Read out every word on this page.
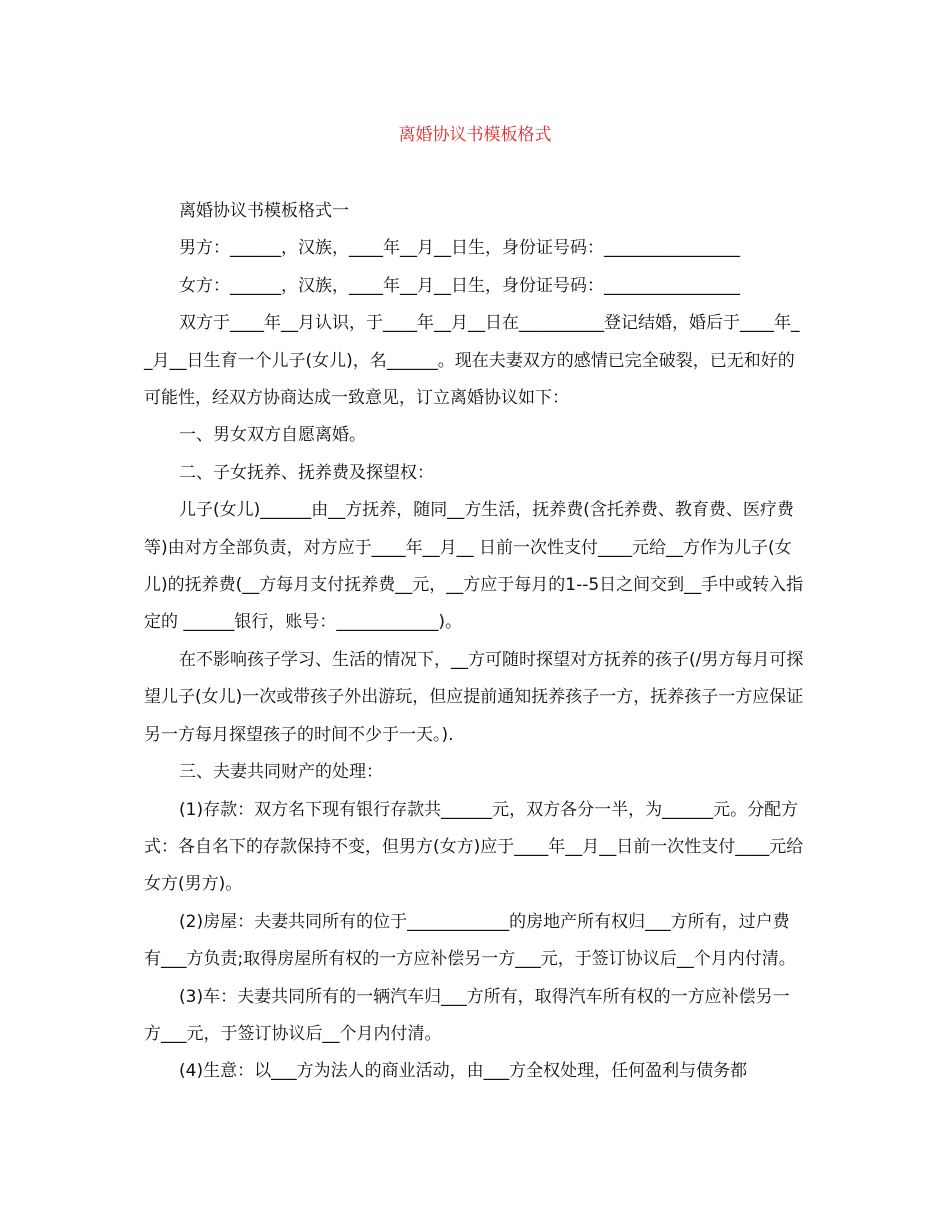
离婚协议书模板格式

离婚协议书模板格式一

男方：______，汉族，____年__月__日生，身份证号码：________________

女方：______，汉族，____年__月__日生，身份证号码：________________

双方于____年__月认识，于____年__月__日在__________登记结婚，婚后于____年__月__日生育一个儿子(女儿)，名______。现在夫妻双方的感情已完全破裂，已无和好的可能性，经双方协商达成一致意见，订立离婚协议如下：

一、男女双方自愿离婚。

二、子女抚养、抚养费及探望权：

儿子(女儿)______由__方抚养，随同__方生活，抚养费(含托养费、教育费、医疗费等)由对方全部负责，对方应于____年__月__ 日前一次性支付____元给__方作为儿子(女儿)的抚养费(__方每月支付抚养费__元，__方应于每月的1--5日之间交到__手中或转入指定的 ______银行，账号：____________)。

在不影响孩子学习、生活的情况下，__方可随时探望对方抚养的孩子(/男方每月可探望儿子(女儿)一次或带孩子外出游玩，但应提前通知抚养孩子一方，抚养孩子一方应保证另一方每月探望孩子的时间不少于一天。).

三、夫妻共同财产的处理：

(1)存款：双方名下现有银行存款共______元，双方各分一半，为______元。分配方式：各自名下的存款保持不变，但男方(女方)应于____年__月__日前一次性支付____元给女方(男方)。

(2)房屋：夫妻共同所有的位于____________的房地产所有权归___方所有，过户费有___方负责;取得房屋所有权的一方应补偿另一方___元，于签订协议后__个月内付清。

(3)车：夫妻共同所有的一辆汽车归___方所有，取得汽车所有权的一方应补偿另一方___元，于签订协议后__个月内付清。

(4)生意：以___方为法人的商业活动，由___方全权处理，任何盈利与债务都
